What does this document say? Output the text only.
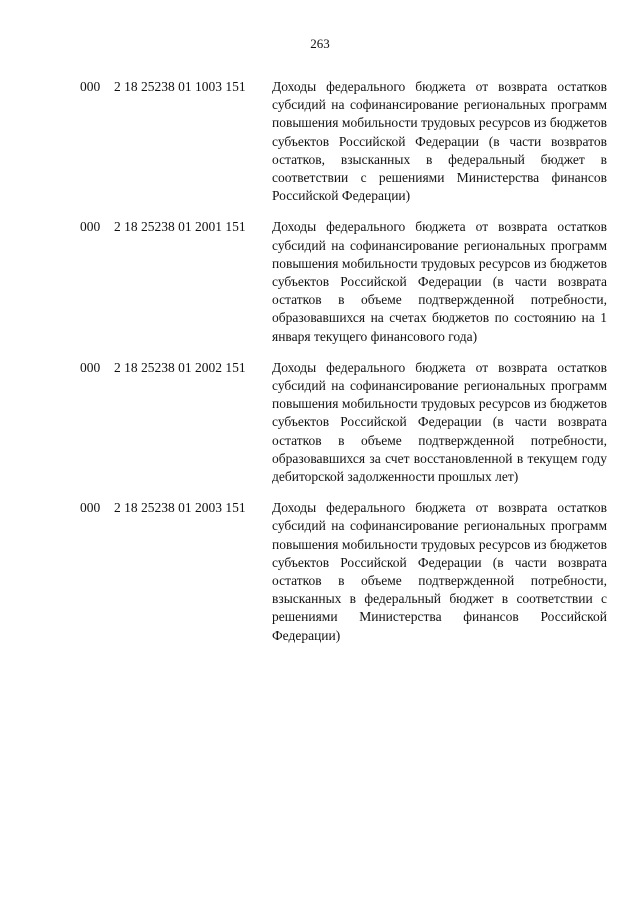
263
000 2 18 25238 01 1003 151 Доходы федерального бюджета от возврата остатков субсидий на софинансирование региональных программ повышения мобильности трудовых ресурсов из бюджетов субъектов Российской Федерации (в части возвратов остатков, взысканных в федеральный бюджет в соответствии с решениями Министерства финансов Российской Федерации)
000 2 18 25238 01 2001 151 Доходы федерального бюджета от возврата остатков субсидий на софинансирование региональных программ повышения мобильности трудовых ресурсов из бюджетов субъектов Российской Федерации (в части возврата остатков в объеме подтвержденной потребности, образовавшихся на счетах бюджетов по состоянию на 1 января текущего финансового года)
000 2 18 25238 01 2002 151 Доходы федерального бюджета от возврата остатков субсидий на софинансирование региональных программ повышения мобильности трудовых ресурсов из бюджетов субъектов Российской Федерации (в части возврата остатков в объеме подтвержденной потребности, образовавшихся за счет восстановленной в текущем году дебиторской задолженности прошлых лет)
000 2 18 25238 01 2003 151 Доходы федерального бюджета от возврата остатков субсидий на софинансирование региональных программ повышения мобильности трудовых ресурсов из бюджетов субъектов Российской Федерации (в части возврата остатков в объеме подтвержденной потребности, взысканных в федеральный бюджет в соответствии с решениями Министерства финансов Российской Федерации)
